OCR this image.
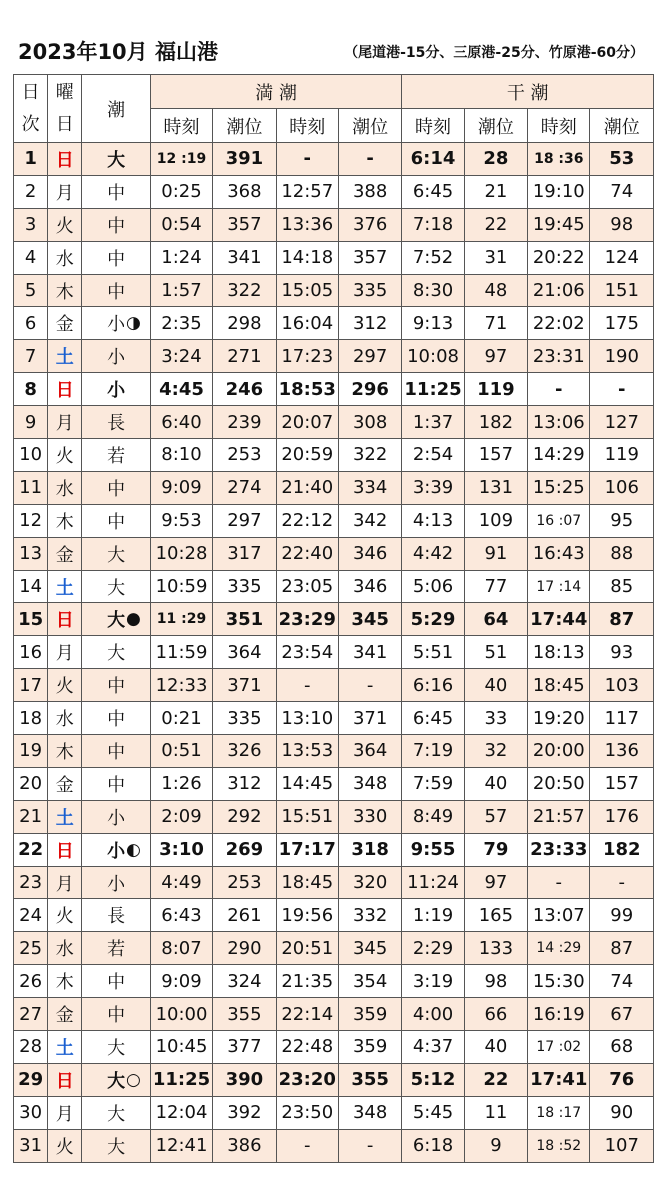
2023年10月 福山港	（尾道港-15分、三原港-25分、竹原港-60分）
日
次	曜
日	潮	満 潮				干 潮			
			時刻	潮位	時刻	潮位	時刻	潮位	時刻	潮位
1	日	大	12 :19	391	-	-	6:14	28	18 :36	53
2	月	中	0:25	368	12:57	388	6:45	21	19:10	74
3	火	中	0:54	357	13:36	376	7:18	22	19:45	98
4	水	中	1:24	341	14:18	357	7:52	31	20:22	124
5	木	中	1:57	322	15:05	335	8:30	48	21:06	151
6	金	小 ◑	2:35	298	16:04	312	9:13	71	22:02	175
7	土	小	3:24	271	17:23	297	10:08	97	23:31	190
8	日	小	4:45	246	18:53	296	11:25	119	-	-
9	月	長	6:40	239	20:07	308	1:37	182	13:06	127
10	火	若	8:10	253	20:59	322	2:54	157	14:29	119
11	水	中	9:09	274	21:40	334	3:39	131	15:25	106
12	木	中	9:53	297	22:12	342	4:13	109	16 :07	95
13	金	大	10:28	317	22:40	346	4:42	91	16:43	88
14	土	大	10:59	335	23:05	346	5:06	77	17 :14	85
15	日	大 ●	11 :29	351	23:29	345	5:29	64	17:44	87
16	月	大	11:59	364	23:54	341	5:51	51	18:13	93
17	火	中	12:33	371	-	-	6:16	40	18:45	103
18	水	中	0:21	335	13:10	371	6:45	33	19:20	117
19	木	中	0:51	326	13:53	364	7:19	32	20:00	136
20	金	中	1:26	312	14:45	348	7:59	40	20:50	157
21	土	小	2:09	292	15:51	330	8:49	57	21:57	176
22	日	小 ◐	3:10	269	17:17	318	9:55	79	23:33	182
23	月	小	4:49	253	18:45	320	11:24	97	-	-
24	火	長	6:43	261	19:56	332	1:19	165	13:07	99
25	水	若	8:07	290	20:51	345	2:29	133	14 :29	87
26	木	中	9:09	324	21:35	354	3:19	98	15:30	74
27	金	中	10:00	355	22:14	359	4:00	66	16:19	67
28	土	大	10:45	377	22:48	359	4:37	40	17 :02	68
29	日	大 ○	11:25	390	23:20	355	5:12	22	17:41	76
30	月	大	12:04	392	23:50	348	5:45	11	18 :17	90
31	火	大	12:41	386	-	-	6:18	9	18 :52	107
